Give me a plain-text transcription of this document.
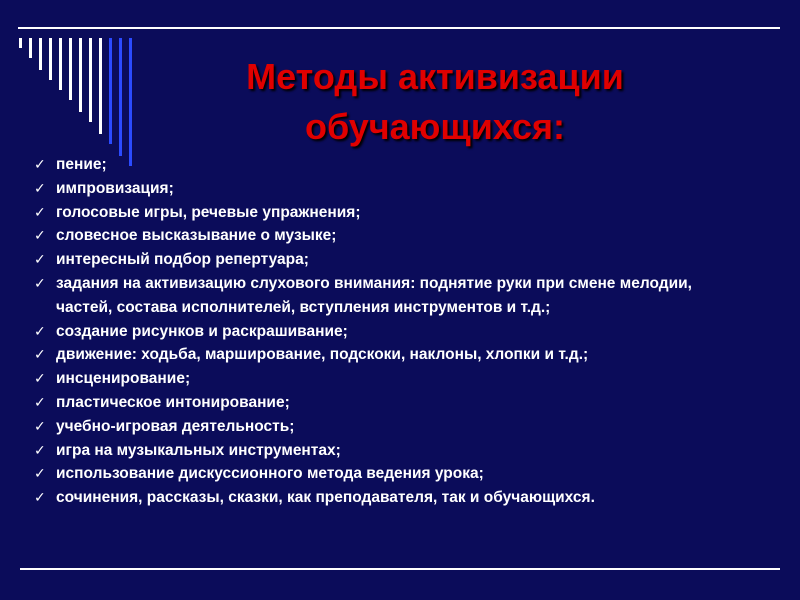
Методы активизации
обучающихся:
✓ пение;
✓ импровизация;
✓ голосовые игры, речевые упражнения;
✓ словесное высказывание о музыке;
✓ интересный подбор репертуара;
✓ задания на активизацию слухового внимания: поднятие руки при смене мелодии, частей, состава исполнителей, вступления инструментов и т.д.;
✓ создание рисунков и раскрашивание;
✓ движение: ходьба, марширование, подскоки, наклоны, хлопки и т.д.;
✓ инсценирование;
✓ пластическое интонирование;
✓ учебно-игровая деятельность;
✓ игра на музыкальных инструментах;
✓ использование дискуссионного метода ведения урока;
✓ сочинения, рассказы, сказки, как преподавателя, так и обучающихся.
